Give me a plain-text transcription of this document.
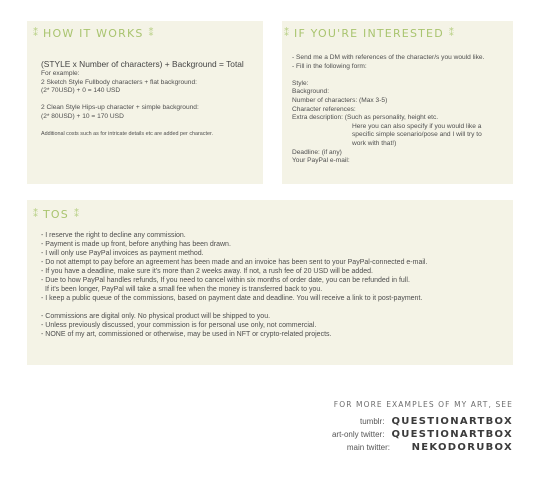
⁑ HOW IT WORKS ⁑
(STYLE x Number of characters) + Background = Total
For example:
2 Sketch Style Fullbody characters + flat background:
(2* 70USD) + 0 = 140 USD
2 Clean Style Hips-up character + simple background:
(2* 80USD) + 10 = 170 USD
Additional costs such as for intricate details etc are added per character.
⁑ IF YOU'RE INTERESTED ⁑
- Send me a DM with references of the character/s you would like.
- Fill in the following form:
Style:
Background:
Number of characters: (Max 3-5)
Character references:
Extra description: (Such as personality, height etc.
Here you can also specify if you would like a
specific simple scenario/pose and I will try to
work with that!)
Deadline: (if any)
Your PayPal e-mail:
⁑ TOS ⁑
- I reserve the right to decline any commission.
- Payment is made up front, before anything has been drawn.
- I will only use PayPal invoices as payment method.
- Do not attempt to pay before an agreement has been made and an invoice has been sent to your PayPal-connected e-mail.
- If you have a deadline, make sure it's more than 2 weeks away. If not, a rush fee of 20 USD will be added.
- Due to how PayPal handles refunds, If you need to cancel within six months of order date, you can be refunded in full.
If it's been longer, PayPal will take a small fee when the money is transferred back to you.
- I keep a public queue of the commissions, based on payment date and deadline. You will receive a link to it post-payment.
- Commissions are digital only. No physical product will be shipped to you.
- Unless previously discussed, your commission is for personal use only, not commercial.
- NONE of my art, commissioned or otherwise, may be used in NFT or crypto-related projects.
FOR MORE EXAMPLES OF MY ART, SEE
tumblr: QUESTIONARTBOX
art-only twitter: QUESTIONARTBOX
main twitter:	NEKODORUBOX
